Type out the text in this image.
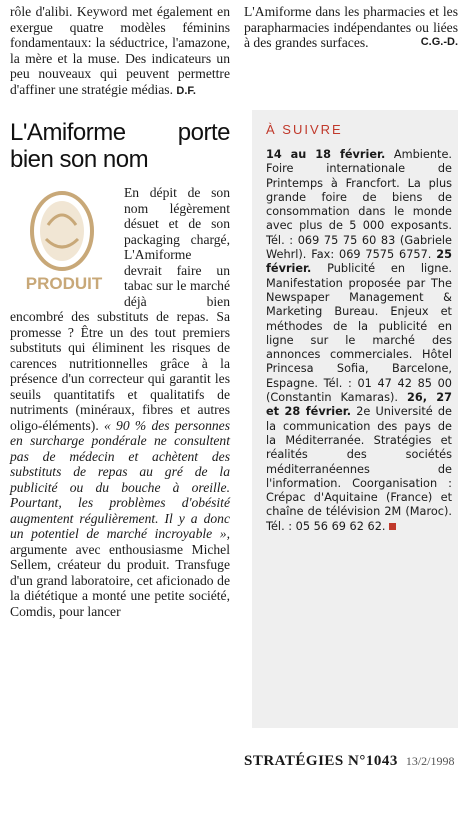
rôle d'alibi. Keyword met également en exergue quatre modèles féminins fondamentaux: la séductrice, l'amazone, la mère et la muse. Des indicateurs un peu nouveaux qui peuvent permettre d'affiner une stratégie médias. D.F.

L'Amiforme porte bien son nom
PRODUIT

En dépit de son nom légèrement désuet et de son packaging chargé, L'Amiforme devrait faire un tabac sur le marché déjà bien encombré des substituts de repas. Sa promesse ? Être un des tout premiers substituts qui éliminent les risques de carences nutritionnelles grâce à la présence d'un correcteur qui garantit les seuils quantitatifs et qualitatifs de nutriments (minéraux, fibres et autres oligo-éléments). « 90 % des personnes en surcharge pondérale ne consultent pas de médecin et achètent des substituts de repas au gré de la publicité ou du bouche à oreille. Pourtant, les problèmes d'obésité augmentent régulièrement. Il y a donc un potentiel de marché incroyable », argumente avec enthousiasme Michel Sellem, créateur du produit. Transfuge d'un grand laboratoire, cet aficionado de la diététique a monté une petite société, Comdis, pour lancer

L'Amiforme dans les pharmacies et les parapharmacies indépendantes ou liées à des grandes surfaces.	C.G.-D.

À SUIVRE
14 au 18 février. Ambiente. Foire internationale de Printemps à Francfort. La plus grande foire de biens de consommation dans le monde avec plus de 5 000 exposants. Tél. : 069 75 75 60 83 (Gabriele Wehrl). Fax: 069 7575 6757. 25 février. Publicité en ligne. Manifestation proposée par The Newspaper Management & Marketing Bureau. Enjeux et méthodes de la publicité en ligne sur le marché des annonces commerciales. Hôtel Princesa Sofia, Barcelone, Espagne. Tél. : 01 47 42 85 00 (Constantin Kamaras). 26, 27 et 28 février. 2e Université de la communication des pays de la Méditerranée. Stratégies et réalités des sociétés méditerranéennes de l'information. Coorganisation : Crépac d'Aquitaine (France) et chaîne de télévision 2M (Maroc). Tél. : 05 56 69 62 62.
STRATÉGIES N°1043 13/2/1998
